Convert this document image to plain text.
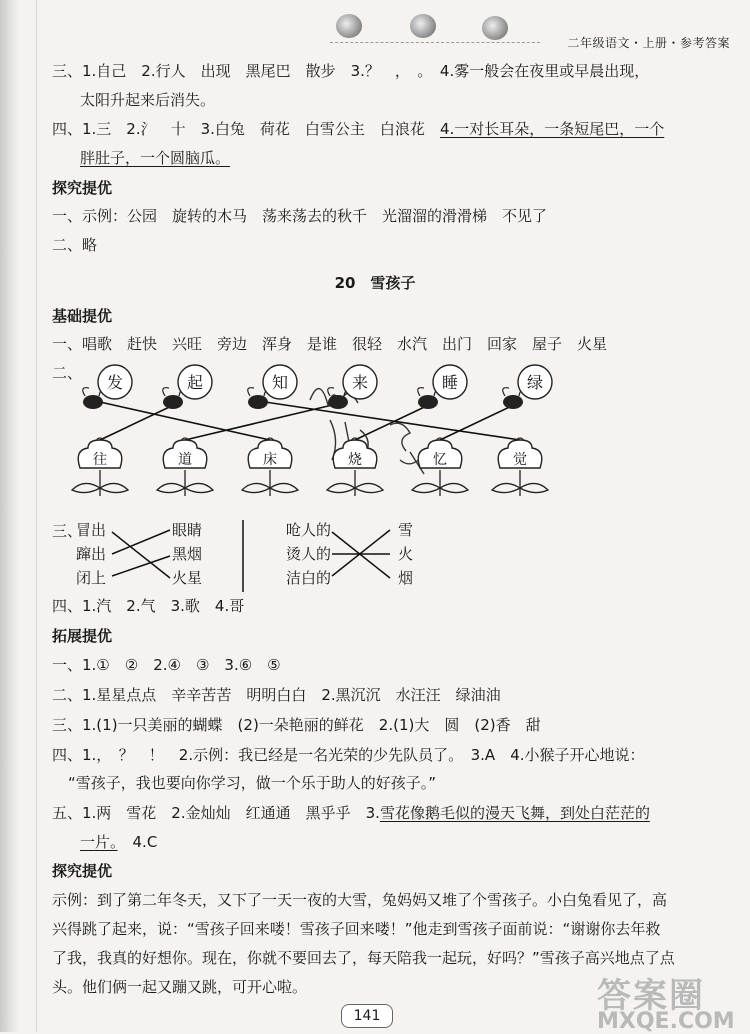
二年级语文・上册・参考答案
三、1.自己　2.行人　出现　黑尾巴　散步　3.？　，　。　4.雾一般会在夜里或早晨出现，
太阳升起来后消失。
四、1.三　2.氵　十　3.白兔　荷花　白雪公主　白浪花　4.一对长耳朵，一条短尾巴，一个
胖肚子，一个圆脑瓜。
探究提优
一、示例：公园　旋转的木马　荡来荡去的秋千　光溜溜的滑滑梯　不见了
二、略
20　雪孩子
基础提优
一、唱歌　赶快　兴旺　旁边　浑身　是谁　很轻　水汽　出门　回家　屋子　火星
二、 发	起	知	来	睡	绿
往	道	床	烧	忆	觉
三、
冒出
蹿出
闭上
眼睛
黑烟
火星
呛人的
烫人的
洁白的
雪
火
烟
四、1.汽　2.气　3.歌　4.哥
拓展提优
一、1.①　②　2.④　③　3.⑥　⑤
二、1.星星点点　辛辛苦苦　明明白白　2.黑沉沉　水汪汪　绿油油
三、1.(1)一只美丽的蝴蝶　(2)一朵艳丽的鲜花　2.(1)大　圆　(2)香　甜
四、1.，　？　！　2.示例：我已经是一名光荣的少先队员了。　3.A　4.小猴子开心地说：
“雪孩子，我也要向你学习，做一个乐于助人的好孩子。”
五、1.两　雪花　2.金灿灿　红通通　黑乎乎　3.雪花像鹅毛似的漫天飞舞，到处白茫茫的
一片。　4.C
探究提优
示例：到了第二年冬天，又下了一天一夜的大雪，兔妈妈又堆了个雪孩子。小白兔看见了，高
兴得跳了起来，说：“雪孩子回来喽！雪孩子回来喽！”他走到雪孩子面前说：“谢谢你去年救
了我，我真的好想你。现在，你就不要回去了，每天陪我一起玩，好吗？”雪孩子高兴地点了点
头。他们俩一起又蹦又跳，可开心啦。
141	答案圈
MXQE.COM
